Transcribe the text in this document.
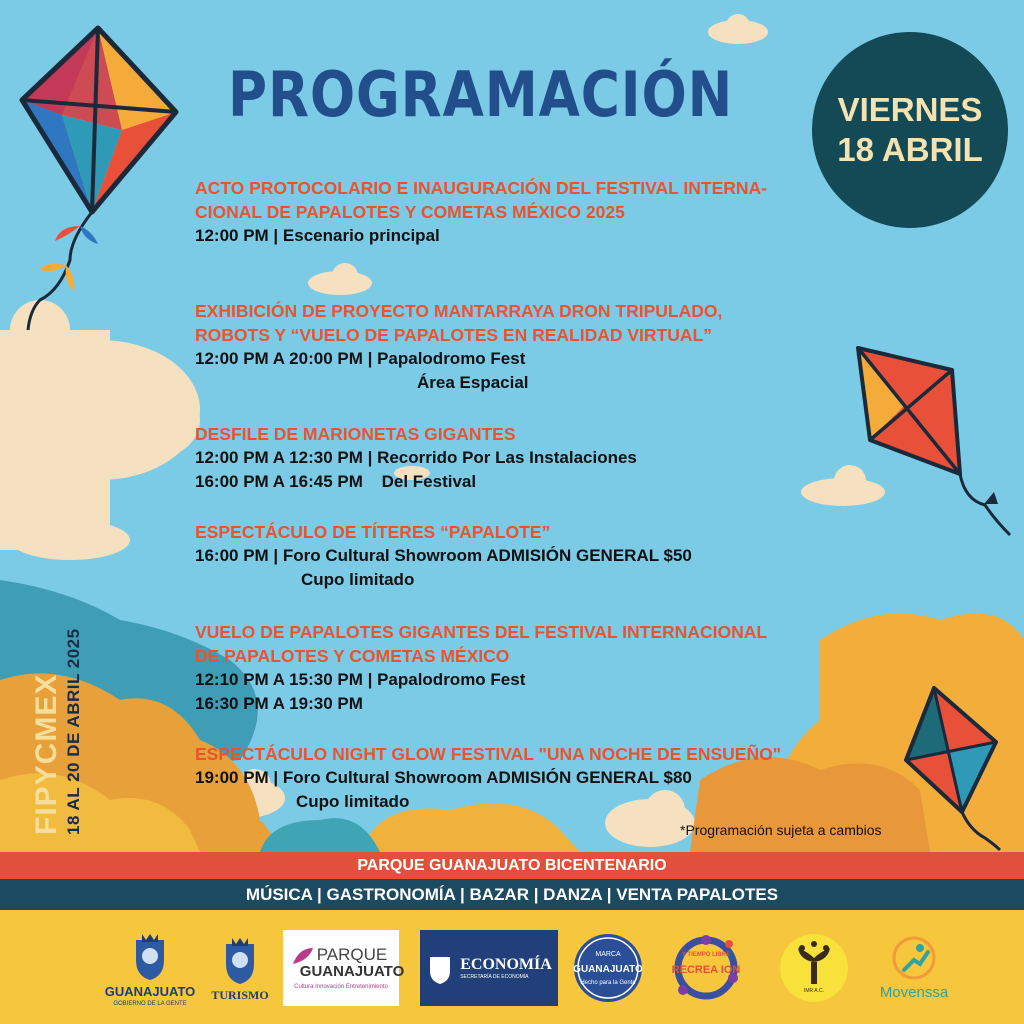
PROGRAMACIÓN	VIERNES
18 ABRIL
ACTO PROTOCOLARIO E INAUGURACIÓN DEL FESTIVAL INTERNA-
CIONAL DE PAPALOTES Y COMETAS MÉXICO 2025
12:00 PM | Escenario principal
EXHIBICIÓN DE PROYECTO MANTARRAYA DRON TRIPULADO,
ROBOTS Y “VUELO DE PAPALOTES EN REALIDAD VIRTUAL”
12:00 PM A 20:00 PM | Papalodromo Fest
Área Espacial
DESFILE DE MARIONETAS GIGANTES
12:00 PM A 12:30 PM | Recorrido Por Las Instalaciones
16:00 PM A 16:45 PM Del Festival
ESPECTÁCULO DE TÍTERES “PAPALOTE”
16:00 PM | Foro Cultural Showroom ADMISIÓN GENERAL $50
Cupo limitado
VUELO DE PAPALOTES GIGANTES DEL FESTIVAL INTERNACIONAL
DE PAPALOTES Y COMETAS MÉXICO
12:10 PM A 15:30 PM | Papalodromo Fest
16:30 PM A 19:30 PM
ESPECTÁCULO NIGHT GLOW FESTIVAL "UNA NOCHE DE ENSUEÑO"
19:00 PM | Foro Cultural Showroom ADMISIÓN GENERAL $80
Cupo limitado
FIPYCMEX 18 AL 20 DE ABRIL 2025	*Programación sujeta a cambios
PARQUE GUANAJUATO BICENTENARIO
MÚSICA | GASTRONOMÍA | BAZAR | DANZA | VENTA PAPALOTES
GUANAJUATO
GOBIERNO DE LA GENTE
TURISMO
PARQUE
GUANAJUATO
Cultura Innovación Entretenimiento
ECONOMÍA
SECRETARÍA DE ECONOMÍA
MARCA
GUANAJUATO
Hecho para la Gente
RECREA ION
Y TIEMPO LIBRE
IMR A.C.	Movenssa
